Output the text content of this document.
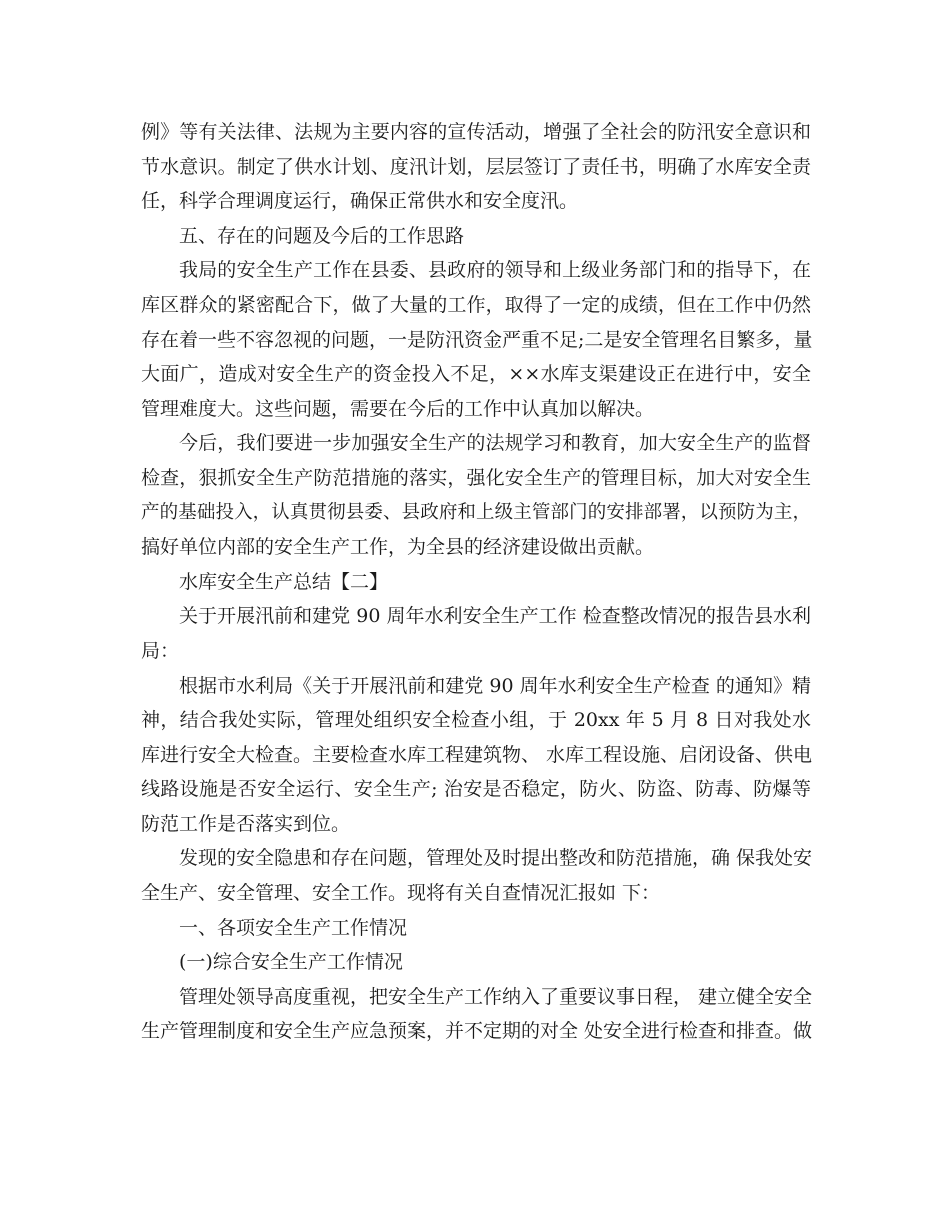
例》等有关法律、法规为主要内容的宣传活动，增强了全社会的防汛安全意识和
节水意识。制定了供水计划、度汛计划，层层签订了责任书，明确了水库安全责
任，科学合理调度运行，确保正常供水和安全度汛。
五、存在的问题及今后的工作思路
我局的安全生产工作在县委、县政府的领导和上级业务部门和的指导下，在
库区群众的紧密配合下，做了大量的工作，取得了一定的成绩，但在工作中仍然
存在着一些不容忽视的问题，一是防汛资金严重不足;二是安全管理名目繁多，量
大面广，造成对安全生产的资金投入不足，××水库支渠建设正在进行中，安全
管理难度大。这些问题，需要在今后的工作中认真加以解决。
今后，我们要进一步加强安全生产的法规学习和教育，加大安全生产的监督
检查，狠抓安全生产防范措施的落实，强化安全生产的管理目标，加大对安全生
产的基础投入，认真贯彻县委、县政府和上级主管部门的安排部署，以预防为主，
搞好单位内部的安全生产工作，为全县的经济建设做出贡献。
水库安全生产总结【二】
关于开展汛前和建党 90 周年水利安全生产工作 检查整改情况的报告县水利
局：
根据市水利局《关于开展汛前和建党 90 周年水利安全生产检查 的通知》精
神，结合我处实际，管理处组织安全检查小组，于 20xx 年 5 月 8 日对我处水
库进行安全大检查。主要检查水库工程建筑物、 水库工程设施、启闭设备、供电
线路设施是否安全运行、安全生产; 治安是否稳定，防火、防盗、防毒、防爆等
防范工作是否落实到位。
发现的安全隐患和存在问题，管理处及时提出整改和防范措施，确 保我处安
全生产、安全管理、安全工作。现将有关自查情况汇报如 下：
一、各项安全生产工作情况
(一)综合安全生产工作情况
管理处领导高度重视，把安全生产工作纳入了重要议事日程， 建立健全安全
生产管理制度和安全生产应急预案，并不定期的对全 处安全进行检查和排查。做
